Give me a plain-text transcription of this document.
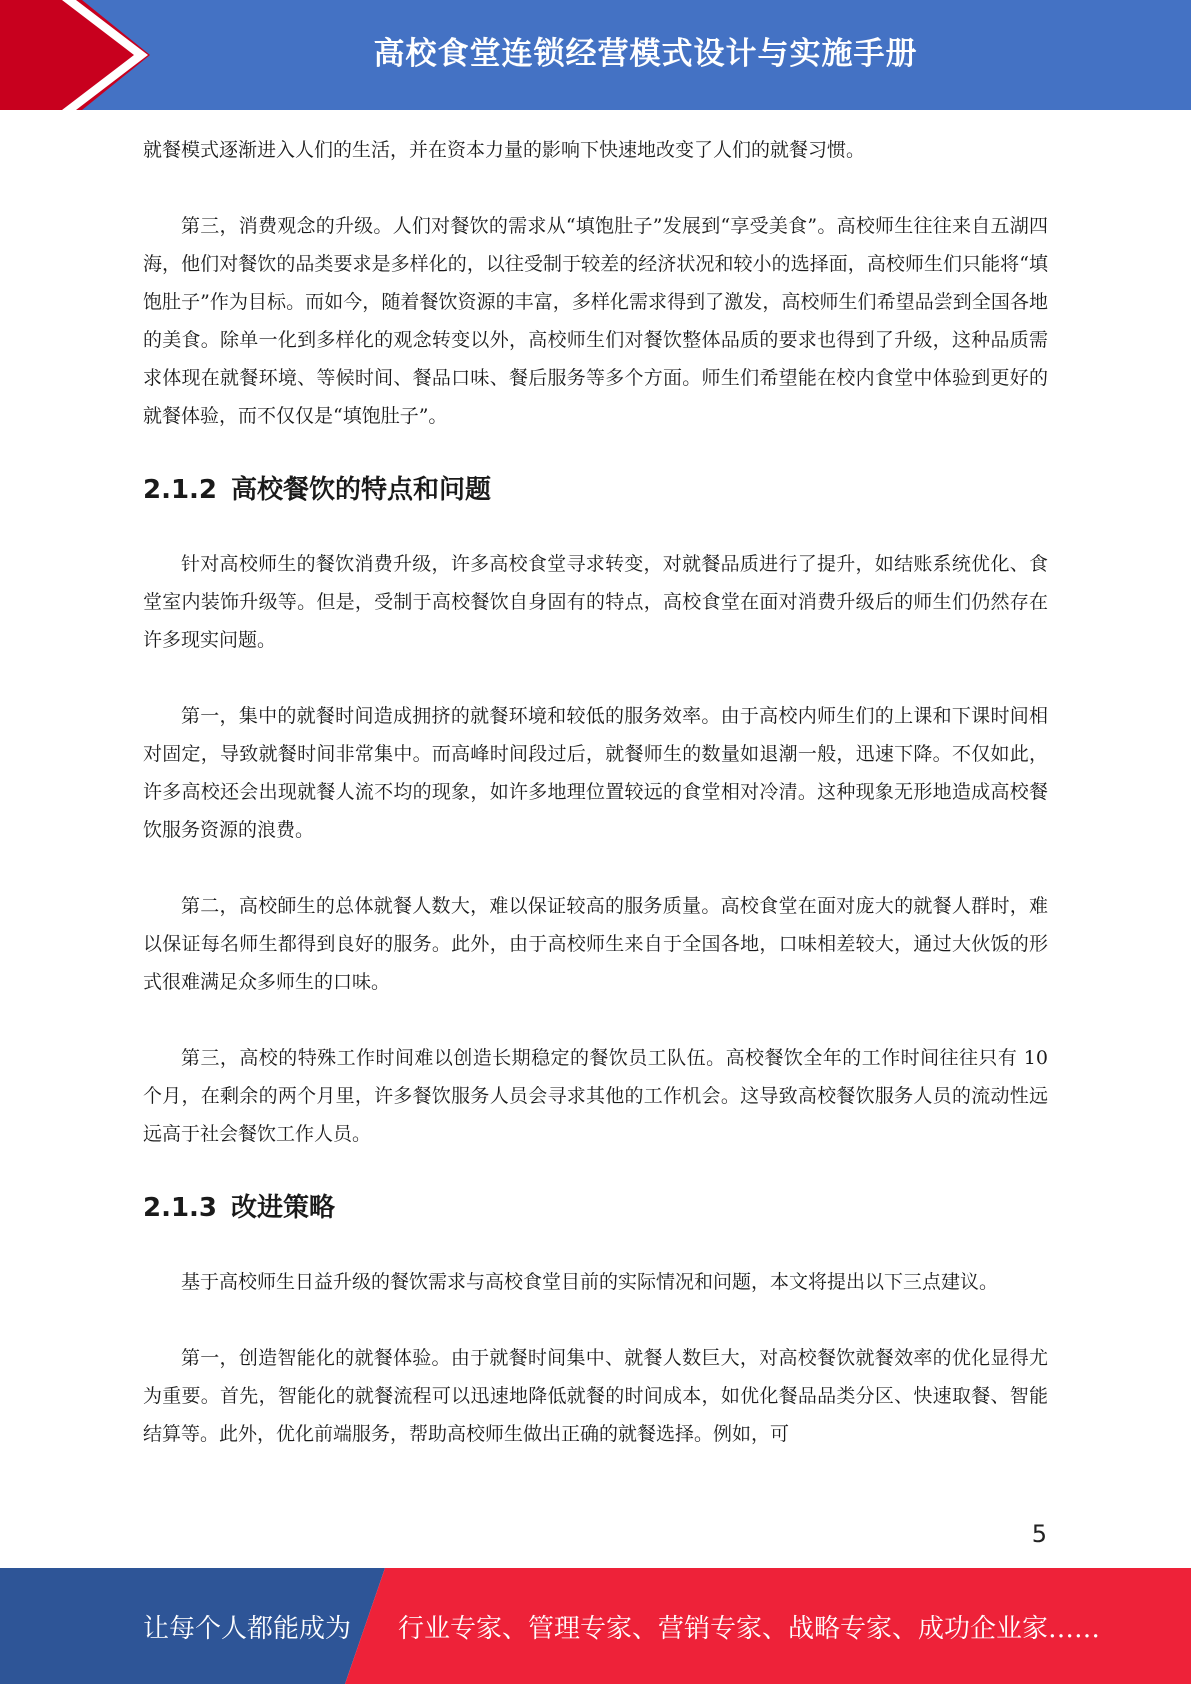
高校食堂连锁经营模式设计与实施手册

就餐模式逐渐进入人们的生活，并在资本力量的影响下快速地改变了人们的就餐习惯。

第三，消费观念的升级。人们对餐饮的需求从“填饱肚子”发展到“享受美食”。高校师生往往来自五湖四海，他们对餐饮的品类要求是多样化的，以往受制于较差的经济状况和较小的选择面，高校师生们只能将“填饱肚子”作为目标。而如今，随着餐饮资源的丰富，多样化需求得到了激发，高校师生们希望品尝到全国各地的美食。除单一化到多样化的观念转变以外，高校师生们对餐饮整体品质的要求也得到了升级，这种品质需求体现在就餐环境、等候时间、餐品口味、餐后服务等多个方面。师生们希望能在校内食堂中体验到更好的就餐体验，而不仅仅是“填饱肚子”。

2.1.2 高校餐饮的特点和问题

针对高校师生的餐饮消费升级，许多高校食堂寻求转变，对就餐品质进行了提升，如结账系统优化、食堂室内装饰升级等。但是，受制于高校餐饮自身固有的特点，高校食堂在面对消费升级后的师生们仍然存在许多现实问题。

第一，集中的就餐时间造成拥挤的就餐环境和较低的服务效率。由于高校内师生们的上课和下课时间相对固定，导致就餐时间非常集中。而高峰时间段过后，就餐师生的数量如退潮一般，迅速下降。不仅如此，许多高校还会出现就餐人流不均的现象，如许多地理位置较远的食堂相对冷清。这种现象无形地造成高校餐饮服务资源的浪费。

第二，高校師生的总体就餐人数大，难以保证较高的服务质量。高校食堂在面对庞大的就餐人群时，难以保证每名师生都得到良好的服务。此外，由于高校师生来自于全国各地，口味相差较大，通过大伙饭的形式很难满足众多师生的口味。

第三，高校的特殊工作时间难以创造长期稳定的餐饮员工队伍。高校餐饮全年的工作时间往往只有 10 个月，在剩余的两个月里，许多餐饮服务人员会寻求其他的工作机会。这导致高校餐饮服务人员的流动性远远高于社会餐饮工作人员。

2.1.3 改进策略

基于高校师生日益升级的餐饮需求与高校食堂目前的实际情况和问题，本文将提出以下三点建议。

第一，创造智能化的就餐体验。由于就餐时间集中、就餐人数巨大，对高校餐饮就餐效率的优化显得尤为重要。首先，智能化的就餐流程可以迅速地降低就餐的时间成本，如优化餐品品类分区、快速取餐、智能结算等。此外，优化前端服务，帮助高校师生做出正确的就餐选择。例如，可

5
让每个人都能成为 行业专家、管理专家、营销专家、战略专家、成功企业家……
